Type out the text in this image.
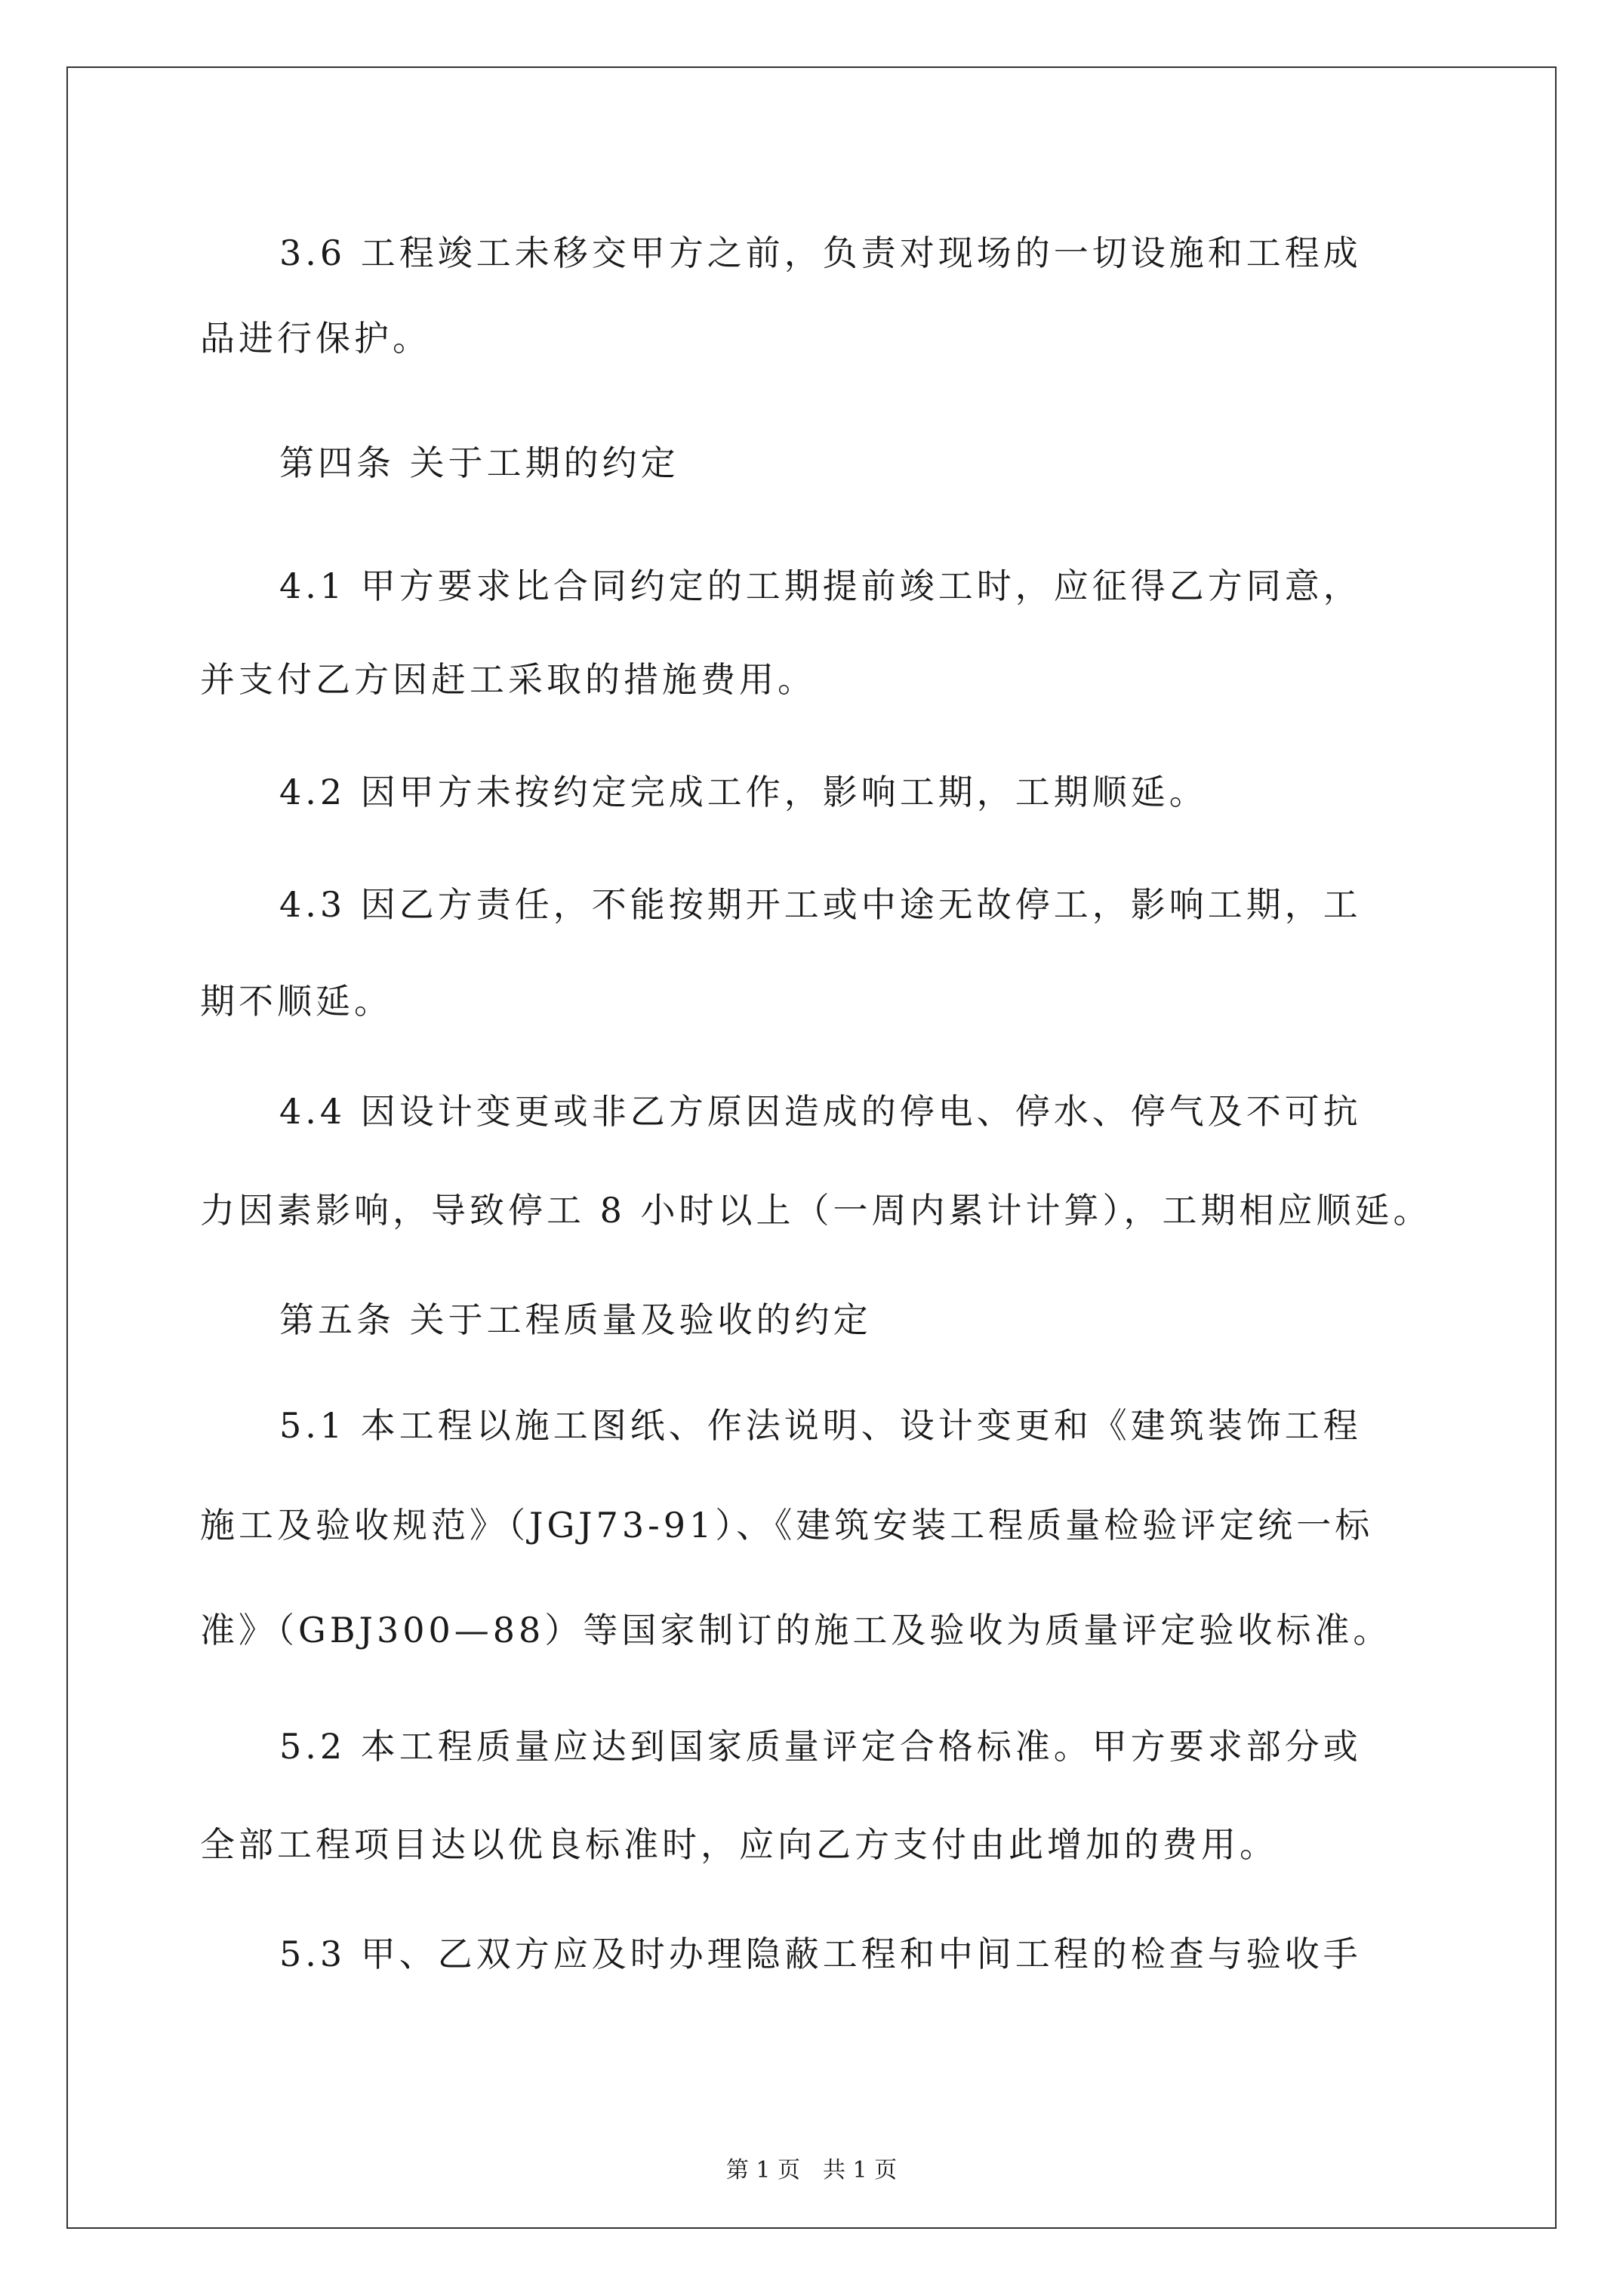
3.6 工程竣工未移交甲方之前，负责对现场的一切设施和工程成
品进行保护。
第四条 关于工期的约定
4.1 甲方要求比合同约定的工期提前竣工时，应征得乙方同意，
并支付乙方因赶工采取的措施费用。
4.2 因甲方未按约定完成工作，影响工期，工期顺延。
4.3 因乙方责任，不能按期开工或中途无故停工，影响工期，工
期不顺延。
4.4 因设计变更或非乙方原因造成的停电、停水、停气及不可抗
力因素影响，导致停工 8 小时以上（一周内累计计算），工期相应顺延。
第五条 关于工程质量及验收的约定
5.1 本工程以施工图纸、作法说明、设计变更和《建筑装饰工程
施工及验收规范》（JGJ73-91）、《建筑安装工程质量检验评定统一标
准》（GBJ300—88）等国家制订的施工及验收为质量评定验收标准。
5.2 本工程质量应达到国家质量评定合格标准。甲方要求部分或
全部工程项目达以优良标准时，应向乙方支付由此增加的费用。
5.3 甲、乙双方应及时办理隐蔽工程和中间工程的检查与验收手
第 1 页　共 1 页
